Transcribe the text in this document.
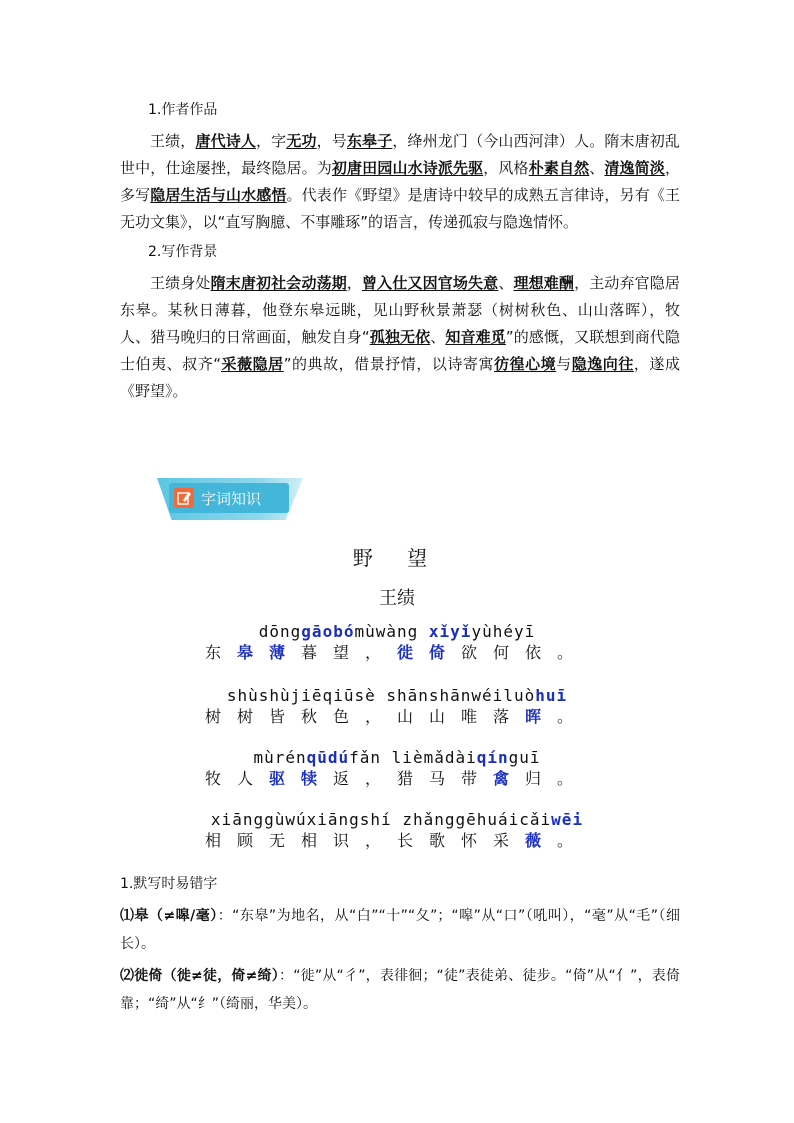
1.作者作品

王绩，唐代诗人，字无功，号东皋子，绛州龙门（今山西河津）人。隋末唐初乱世中，仕途屡挫，最终隐居。为初唐田园山水诗派先驱，风格朴素自然、清逸简淡，多写隐居生活与山水感悟。代表作《野望》是唐诗中较早的成熟五言律诗，另有《王无功文集》，以“直写胸臆、不事雕琢”的语言，传递孤寂与隐逸情怀。

2.写作背景

王绩身处隋末唐初社会动荡期，曾入仕又因官场失意、理想难酬，主动弃官隐居东皋。某秋日薄暮，他登东皋远眺，见山野秋景萧瑟（树树秋色、山山落晖），牧人、猎马晚归的日常画面，触发自身“孤独无依、知音难觅”的感慨，又联想到商代隐士伯夷、叔齐“采薇隐居”的典故，借景抒情，以诗寄寓彷徨心境与隐逸向往，遂成《野望》。

字词知识
野 望
王绩
dōnggāobómùwàng xǐyǐyùhéyī
东皋薄暮望，徙倚欲何依。
shùshùjiēqiūsè shānshānwéiluòhuī
树树皆秋色，山山唯落晖。
mùrénqūdúfǎn lièmǎdàiqínguī
牧人驱犊返，猎马带禽归。
xiānggùwúxiāngshí zhǎnggēhuáicǎiwēi
相顾无相识，长歌怀采薇。

1.默写时易错字

⑴皋（≠嗥/毫）：“东皋”为地名，从“白”“十”“夂”；“嗥”从“口”（吼叫），“毫”从“毛”（细长）。

⑵徙倚（徙≠徒，倚≠绮）：“徙”从“彳”，表徘徊；“徒”表徒弟、徒步。“倚”从“亻”，表倚靠；“绮”从“纟”（绮丽，华美）。
